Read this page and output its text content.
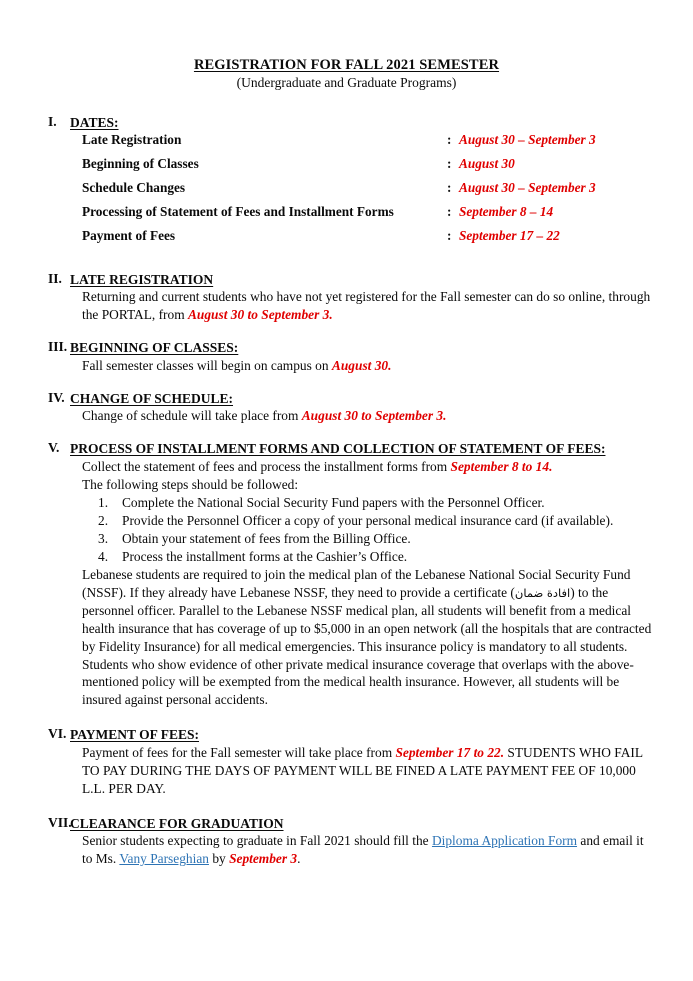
REGISTRATION FOR FALL 2021 SEMESTER
(Undergraduate and Graduate Programs)
I. DATES:
Late Registration	:	August 30 – September 3
Beginning of Classes	:	August 30
Schedule Changes	:	August 30 – September 3
Processing of Statement of Fees and Installment Forms	:	September 8 – 14
Payment of Fees	:	September 17 – 22
II. LATE REGISTRATION

Returning and current students who have not yet registered for the Fall semester can do so online, through the PORTAL, from August 30 to September 3.

III. BEGINNING OF CLASSES:

Fall semester classes will begin on campus on August 30.

IV. CHANGE OF SCHEDULE:

Change of schedule will take place from August 30 to September 3.

V. PROCESS OF INSTALLMENT FORMS AND COLLECTION OF STATEMENT OF FEES:

Collect the statement of fees and process the installment forms from September 8 to 14.

The following steps should be followed:

Complete the National Social Security Fund papers with the Personnel Officer.
Provide the Personnel Officer a copy of your personal medical insurance card (if available).
Obtain your statement of fees from the Billing Office.
Process the installment forms at the Cashier’s Office.

Lebanese students are required to join the medical plan of the Lebanese National Social Security Fund (NSSF). If they already have Lebanese NSSF, they need to provide a certificate (افادة ضمان) to the personnel officer. Parallel to the Lebanese NSSF medical plan, all students will benefit from a medical health insurance that has coverage of up to $5,000 in an open network (all the hospitals that are contracted by Fidelity Insurance) for all medical emergencies. This insurance policy is mandatory to all students. Students who show evidence of other private medical insurance coverage that overlaps with the above-mentioned policy will be exempted from the medical health insurance. However, all students will be insured against personal accidents.

VI. PAYMENT OF FEES:

Payment of fees for the Fall semester will take place from September 17 to 22. STUDENTS WHO FAIL TO PAY DURING THE DAYS OF PAYMENT WILL BE FINED A LATE PAYMENT FEE OF 10,000 L.L. PER DAY.

VII.
CLEARANCE FOR GRADUATION

Senior students expecting to graduate in Fall 2021 should fill the Diploma Application Form and email it to Ms. Vany Parseghian by September 3.
